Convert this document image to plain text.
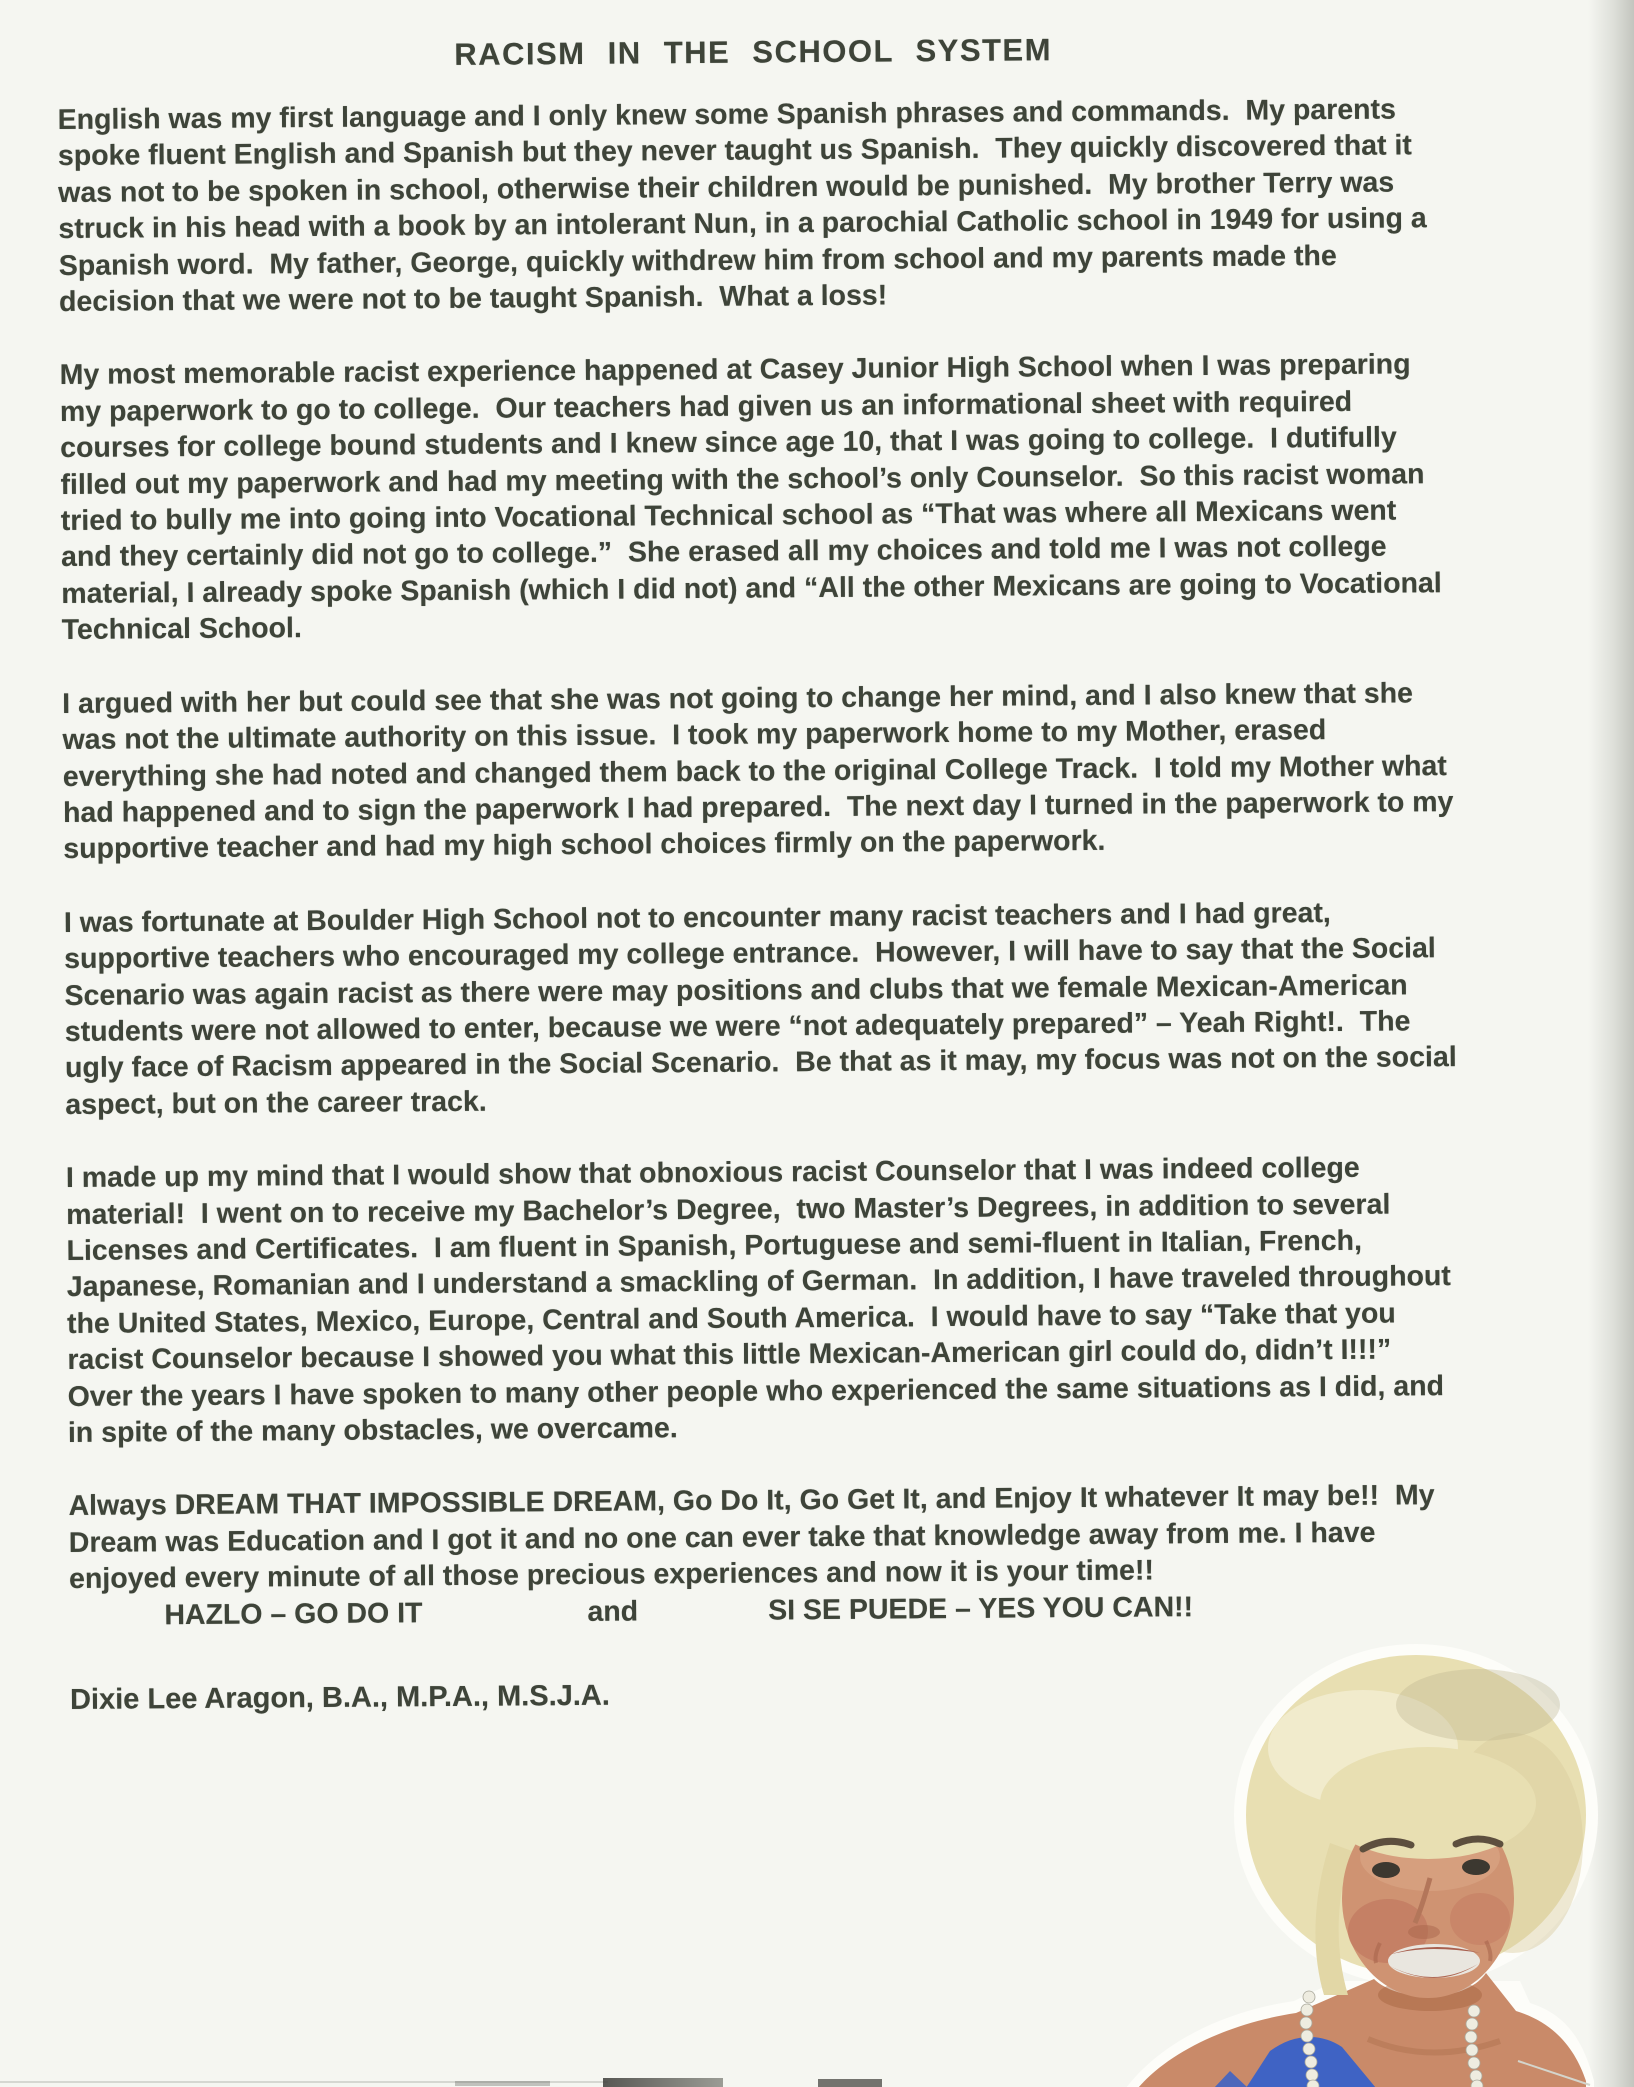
RACISM IN THE SCHOOL SYSTEM

English was my first language and I only knew some Spanish phrases and commands.  My parents spoke fluent English and Spanish but they never taught us Spanish.  They quickly discovered that it was not to be spoken in school, otherwise their children would be punished.  My brother Terry was struck in his head with a book by an intolerant Nun, in a parochial Catholic school in 1949 for using a Spanish word.  My father, George, quickly withdrew him from school and my parents made the decision that we were not to be taught Spanish.  What a loss!

My most memorable racist experience happened at Casey Junior High School when I was preparing my paperwork to go to college.  Our teachers had given us an informational sheet with required courses for college bound students and I knew since age 10, that I was going to college.  I dutifully filled out my paperwork and had my meeting with the school’s only Counselor.  So this racist woman tried to bully me into going into Vocational Technical school as “That was where all Mexicans went and they certainly did not go to college.”  She erased all my choices and told me I was not college material, I already spoke Spanish (which I did not) and “All the other Mexicans are going to Vocational Technical School.

I argued with her but could see that she was not going to change her mind, and I also knew that she was not the ultimate authority on this issue.  I took my paperwork home to my Mother, erased everything she had noted and changed them back to the original College Track.  I told my Mother what had happened and to sign the paperwork I had prepared.  The next day I turned in the paperwork to my supportive teacher and had my high school choices firmly on the paperwork.

I was fortunate at Boulder High School not to encounter many racist teachers and I had great, supportive teachers who encouraged my college entrance.  However, I will have to say that the Social Scenario was again racist as there were may positions and clubs that we female Mexican-American students were not allowed to enter, because we were “not adequately prepared” – Yeah Right!.  The ugly face of Racism appeared in the Social Scenario.  Be that as it may, my focus was not on the social aspect, but on the career track.

I made up my mind that I would show that obnoxious racist Counselor that I was indeed college material!  I went on to receive my Bachelor’s Degree,  two Master’s Degrees, in addition to several Licenses and Certificates.  I am fluent in Spanish, Portuguese and semi-fluent in Italian, French, Japanese, Romanian and I understand a smackling of German.  In addition, I have traveled throughout the United States, Mexico, Europe, Central and South America.  I would have to say “Take that you racist Counselor because I showed you what this little Mexican-American girl could do, didn’t I!!!”   Over the years I have spoken to many other people who experienced the same situations as I did, and in spite of the many obstacles, we overcame.

Always DREAM THAT IMPOSSIBLE DREAM, Go Do It, Go Get It, and Enjoy It whatever It may be!!  My Dream was Education and I got it and no one can ever take that knowledge away from me. I have enjoyed every minute of all those precious experiences and now it is your time!!

HAZLO – GO DO IT	and	SI SE PUEDE – YES YOU CAN!!

Dixie Lee Aragon, B.A., M.P.A., M.S.J.A.
